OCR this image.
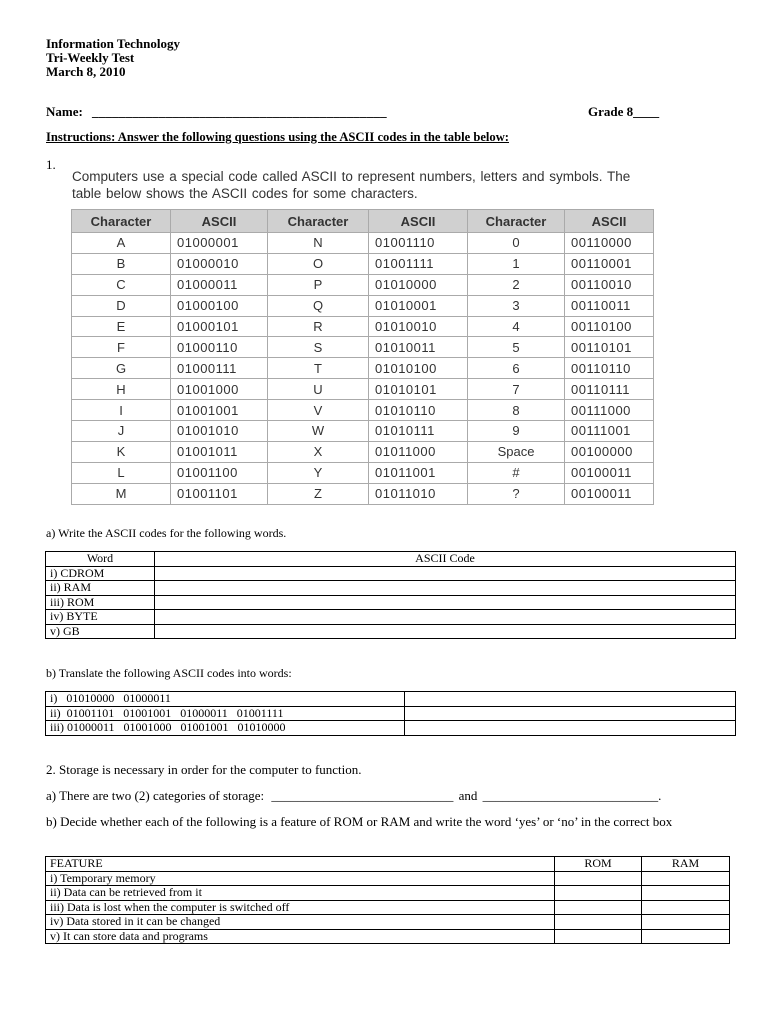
Information Technology
Tri-Weekly Test
March 8, 2010
Name: ____________________________________________	Grade 8____
Instructions: Answer the following questions using the ASCII codes in the table below:
1.
Computers use a special code called ASCII to represent numbers, letters and symbols. The table below shows the ASCII codes for some characters.
Character	ASCII	Character	ASCII	Character	ASCII
A	01000001	N	01001110	0	00110000
B	01000010	O	01001111	1	00110001
C	01000011	P	01010000	2	00110010
D	01000100	Q	01010001	3	00110011
E	01000101	R	01010010	4	00110100
F	01000110	S	01010011	5	00110101
G	01000111	T	01010100	6	00110110
H	01001000	U	01010101	7	00110111
I	01001001	V	01010110	8	00111000
J	01001010	W	01010111	9	00111001
K	01001011	X	01011000	Space	00100000
L	01001100	Y	01011001	#	00100011
M	01001101	Z	01011010	?	00100011
a) Write the ASCII codes for the following words.
Word	ASCII Code
i) CDROM	
ii) RAM	
iii) ROM	
iv) BYTE	
v) GB	
b) Translate the following ASCII codes into words:
i)   01010000   01000011	
ii)  01001101   01001001   01000011   01001111	
iii) 01000011   01001000   01001001   01010000	
2. Storage is necessary in order for the computer to function.
a) There are two (2) categories of storage: ____________________________ and ___________________________.
b) Decide whether each of the following is a feature of ROM or RAM and write the word ‘yes’ or ‘no’ in the correct box
FEATURE	ROM	RAM
i) Temporary memory		
ii) Data can be retrieved from it		
iii) Data is lost when the computer is switched off		
iv) Data stored in it can be changed		
v) It can store data and programs		
